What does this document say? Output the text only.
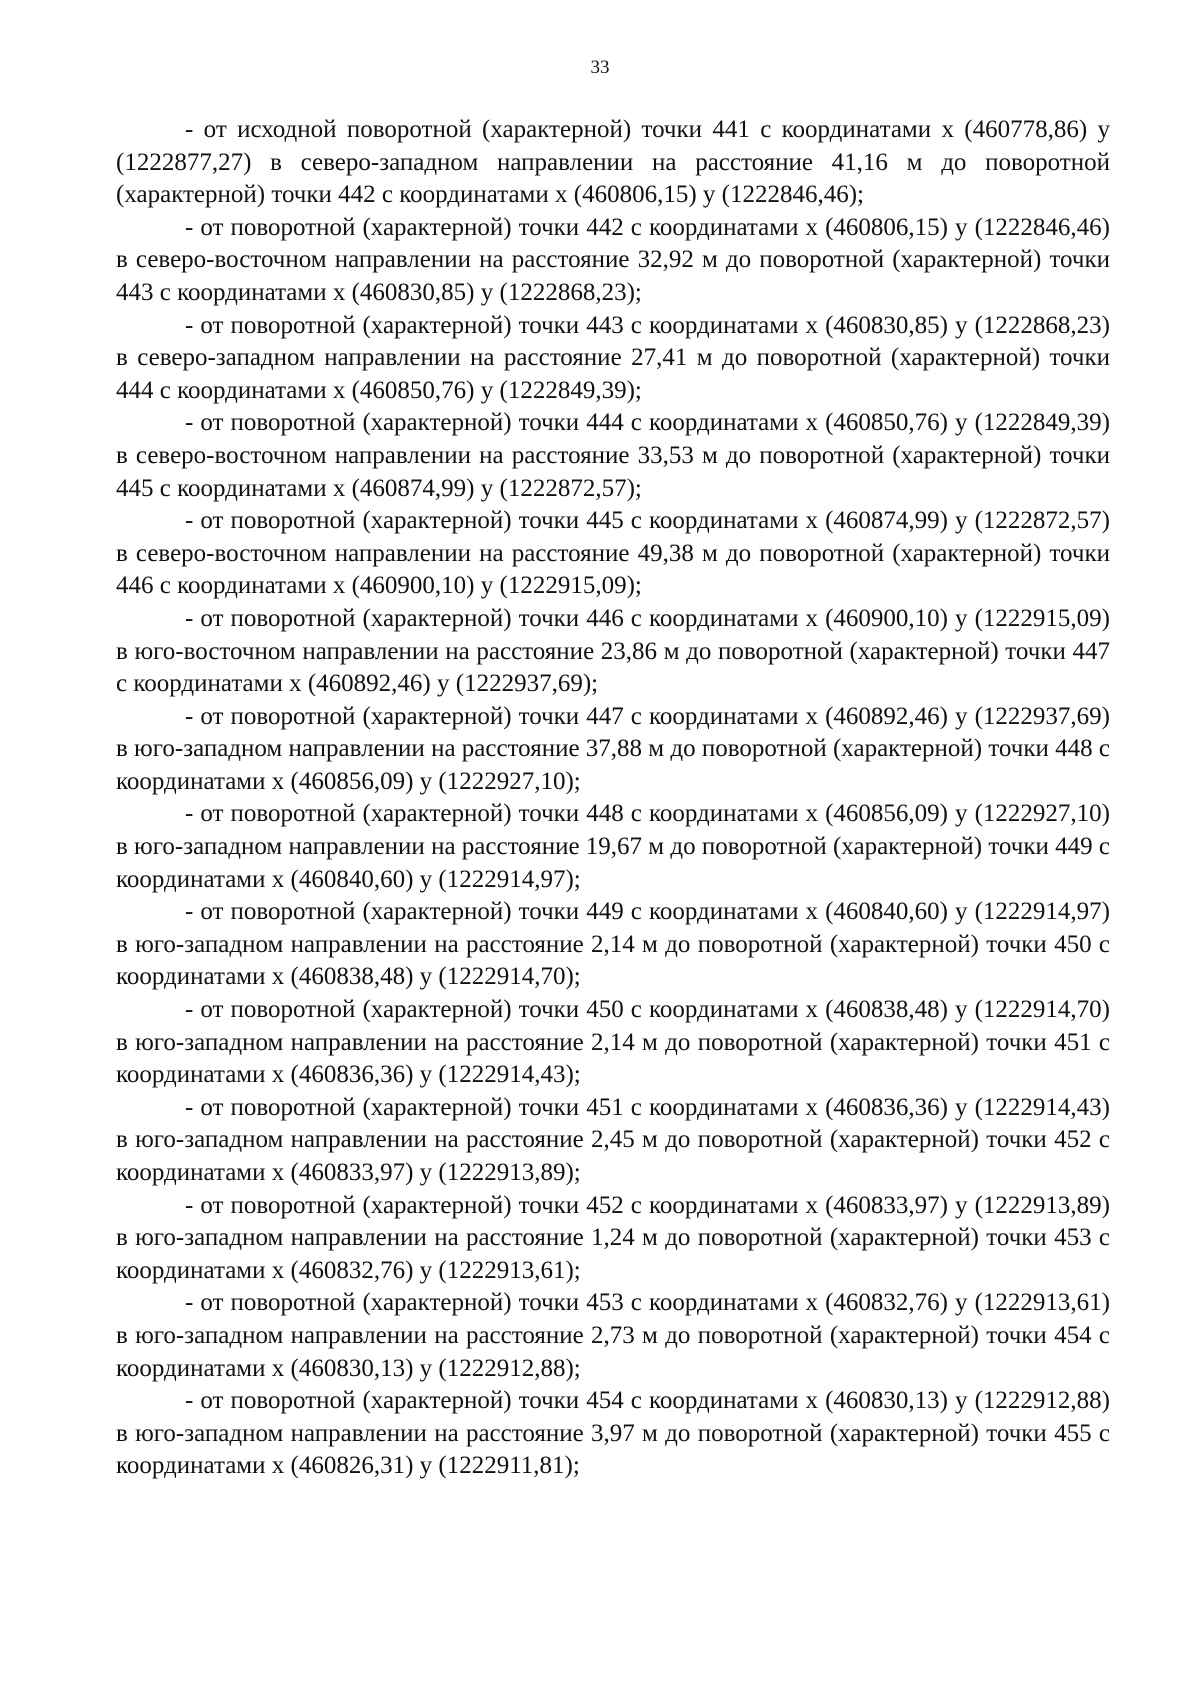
33

- от исходной поворотной (характерной) точки 441 с координатами х (460778,86) у (1222877,27) в северо-западном направлении на расстояние 41,16 м до поворотной (характерной) точки 442 с координатами х (460806,15) у (1222846,46);

- от поворотной (характерной) точки 442 с координатами х (460806,15) у (1222846,46) в северо-восточном направлении на расстояние 32,92 м до поворотной (характерной) точки 443 с координатами х (460830,85) у (1222868,23);

- от поворотной (характерной) точки 443 с координатами х (460830,85) у (1222868,23) в северо-западном направлении на расстояние 27,41 м до поворотной (характерной) точки 444 с координатами х (460850,76) у (1222849,39);

- от поворотной (характерной) точки 444 с координатами х (460850,76) у (1222849,39) в северо-восточном направлении на расстояние 33,53 м до поворотной (характерной) точки 445 с координатами х (460874,99) у (1222872,57);

- от поворотной (характерной) точки 445 с координатами х (460874,99) у (1222872,57) в северо-восточном направлении на расстояние 49,38 м до поворотной (характерной) точки 446 с координатами х (460900,10) у (1222915,09);

- от поворотной (характерной) точки 446 с координатами х (460900,10) у (1222915,09) в юго-восточном направлении на расстояние 23,86 м до поворотной (характерной) точки 447 с координатами х (460892,46) у (1222937,69);

- от поворотной (характерной) точки 447 с координатами х (460892,46) у (1222937,69) в юго-западном направлении на расстояние 37,88 м до поворотной (характерной) точки 448 с координатами х (460856,09) у (1222927,10);

- от поворотной (характерной) точки 448 с координатами х (460856,09) у (1222927,10) в юго-западном направлении на расстояние 19,67 м до поворотной (характерной) точки 449 с координатами х (460840,60) у (1222914,97);

- от поворотной (характерной) точки 449 с координатами х (460840,60) у (1222914,97) в юго-западном направлении на расстояние 2,14 м до поворотной (характерной) точки 450 с координатами х (460838,48) у (1222914,70);

- от поворотной (характерной) точки 450 с координатами х (460838,48) у (1222914,70) в юго-западном направлении на расстояние 2,14 м до поворотной (характерной) точки 451 с координатами х (460836,36) у (1222914,43);

- от поворотной (характерной) точки 451 с координатами х (460836,36) у (1222914,43) в юго-западном направлении на расстояние 2,45 м до поворотной (характерной) точки 452 с координатами х (460833,97) у (1222913,89);

- от поворотной (характерной) точки 452 с координатами х (460833,97) у (1222913,89) в юго-западном направлении на расстояние 1,24 м до поворотной (характерной) точки 453 с координатами х (460832,76) у (1222913,61);

- от поворотной (характерной) точки 453 с координатами х (460832,76) у (1222913,61) в юго-западном направлении на расстояние 2,73 м до поворотной (характерной) точки 454 с координатами х (460830,13) у (1222912,88);

- от поворотной (характерной) точки 454 с координатами х (460830,13) у (1222912,88) в юго-западном направлении на расстояние 3,97 м до поворотной (характерной) точки 455 с координатами х (460826,31) у (1222911,81);
